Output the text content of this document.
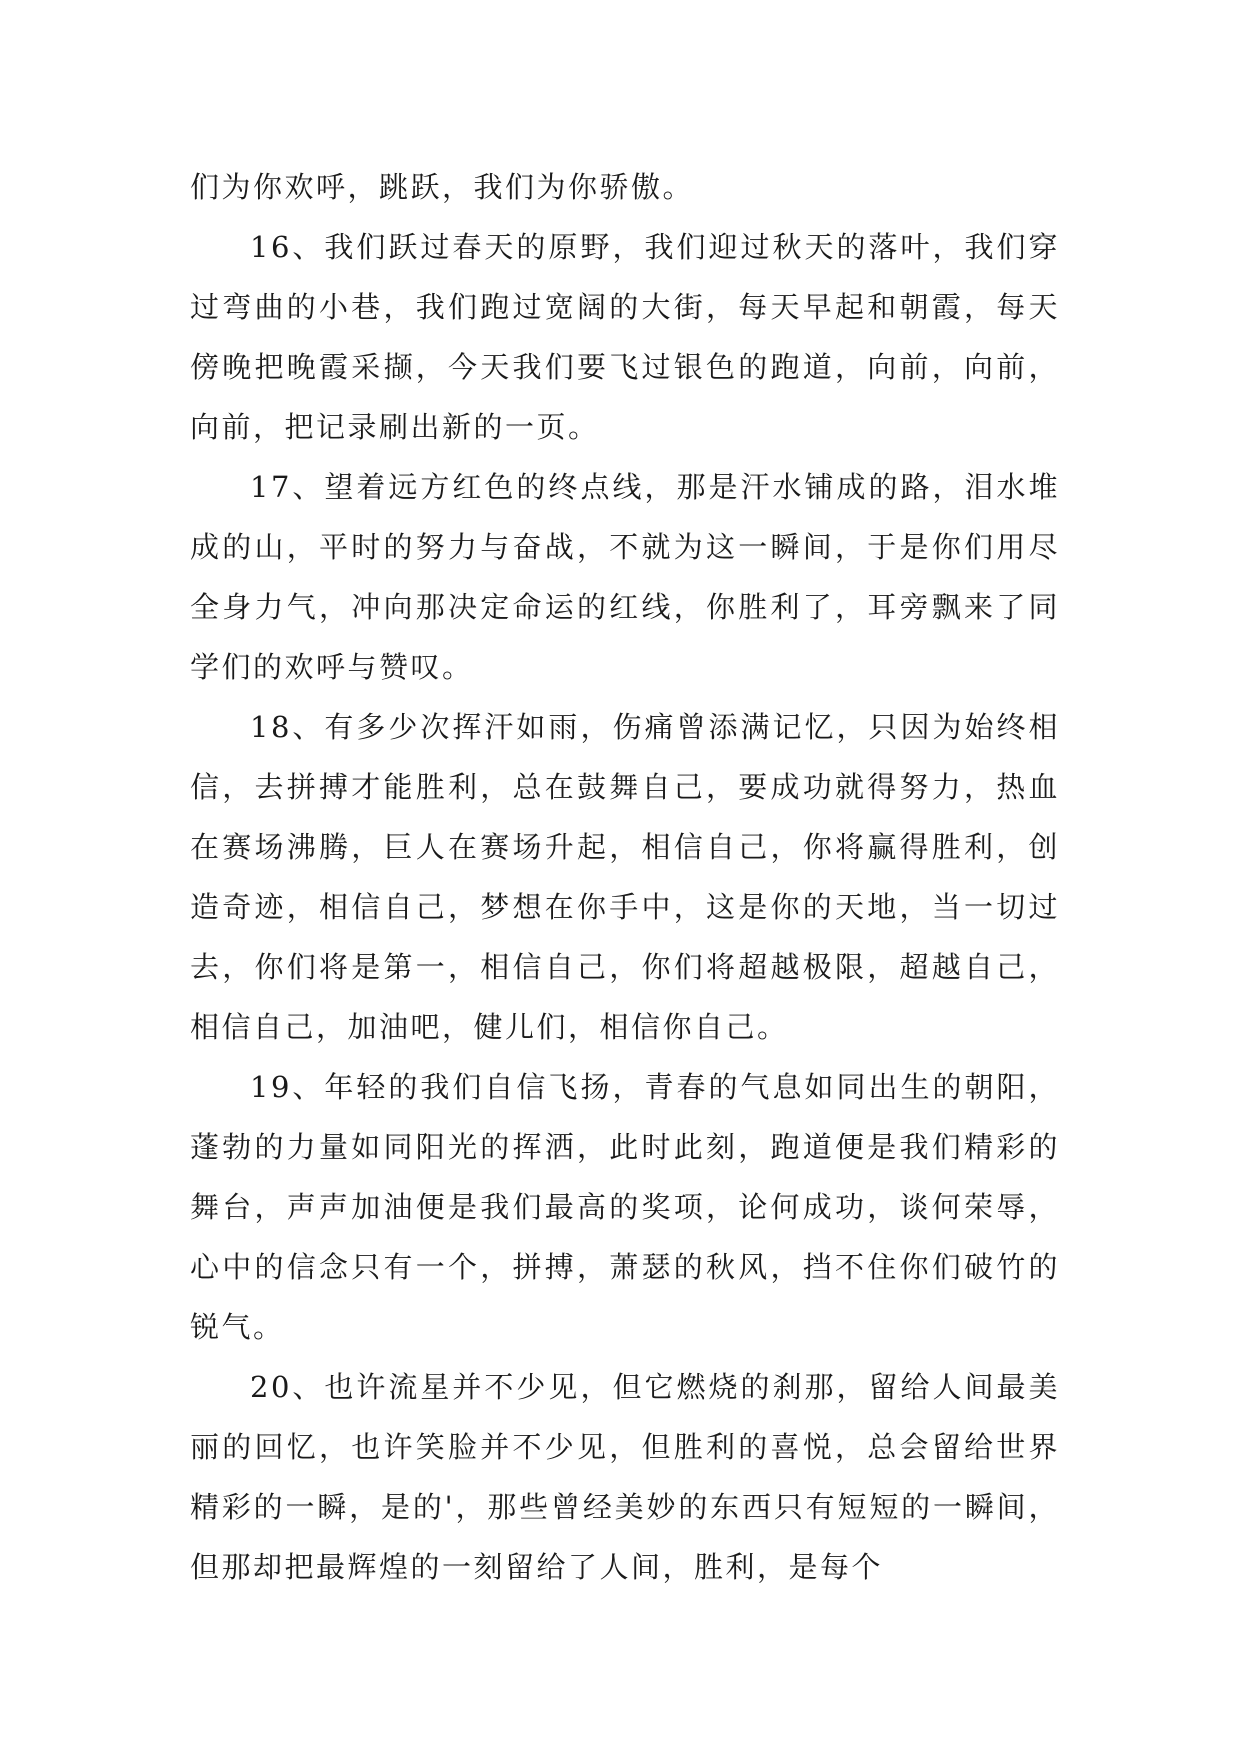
们为你欢呼，跳跃，我们为你骄傲。

16、我们跃过春天的原野，我们迎过秋天的落叶，我们穿过弯曲的小巷，我们跑过宽阔的大街，每天早起和朝霞，每天傍晚把晚霞采撷，今天我们要飞过银色的跑道，向前，向前，向前，把记录刷出新的一页。

17、望着远方红色的终点线，那是汗水铺成的路，泪水堆成的山，平时的努力与奋战，不就为这一瞬间，于是你们用尽全身力气，冲向那决定命运的红线，你胜利了，耳旁飘来了同学们的欢呼与赞叹。

18、有多少次挥汗如雨，伤痛曾添满记忆，只因为始终相信，去拼搏才能胜利，总在鼓舞自己，要成功就得努力，热血在赛场沸腾，巨人在赛场升起，相信自己，你将赢得胜利，创造奇迹，相信自己，梦想在你手中，这是你的天地，当一切过去，你们将是第一，相信自己，你们将超越极限，超越自己，相信自己，加油吧，健儿们，相信你自己。

19、年轻的我们自信飞扬，青春的气息如同出生的朝阳，蓬勃的力量如同阳光的挥洒，此时此刻，跑道便是我们精彩的舞台，声声加油便是我们最高的奖项，论何成功，谈何荣辱，心中的信念只有一个，拼搏，萧瑟的秋风，挡不住你们破竹的锐气。

20、也许流星并不少见，但它燃烧的刹那，留给人间最美丽的回忆，也许笑脸并不少见，但胜利的喜悦，总会留给世界精彩的一瞬，是的'，那些曾经美妙的东西只有短短的一瞬间，但那却把最辉煌的一刻留给了人间，胜利，是每个
